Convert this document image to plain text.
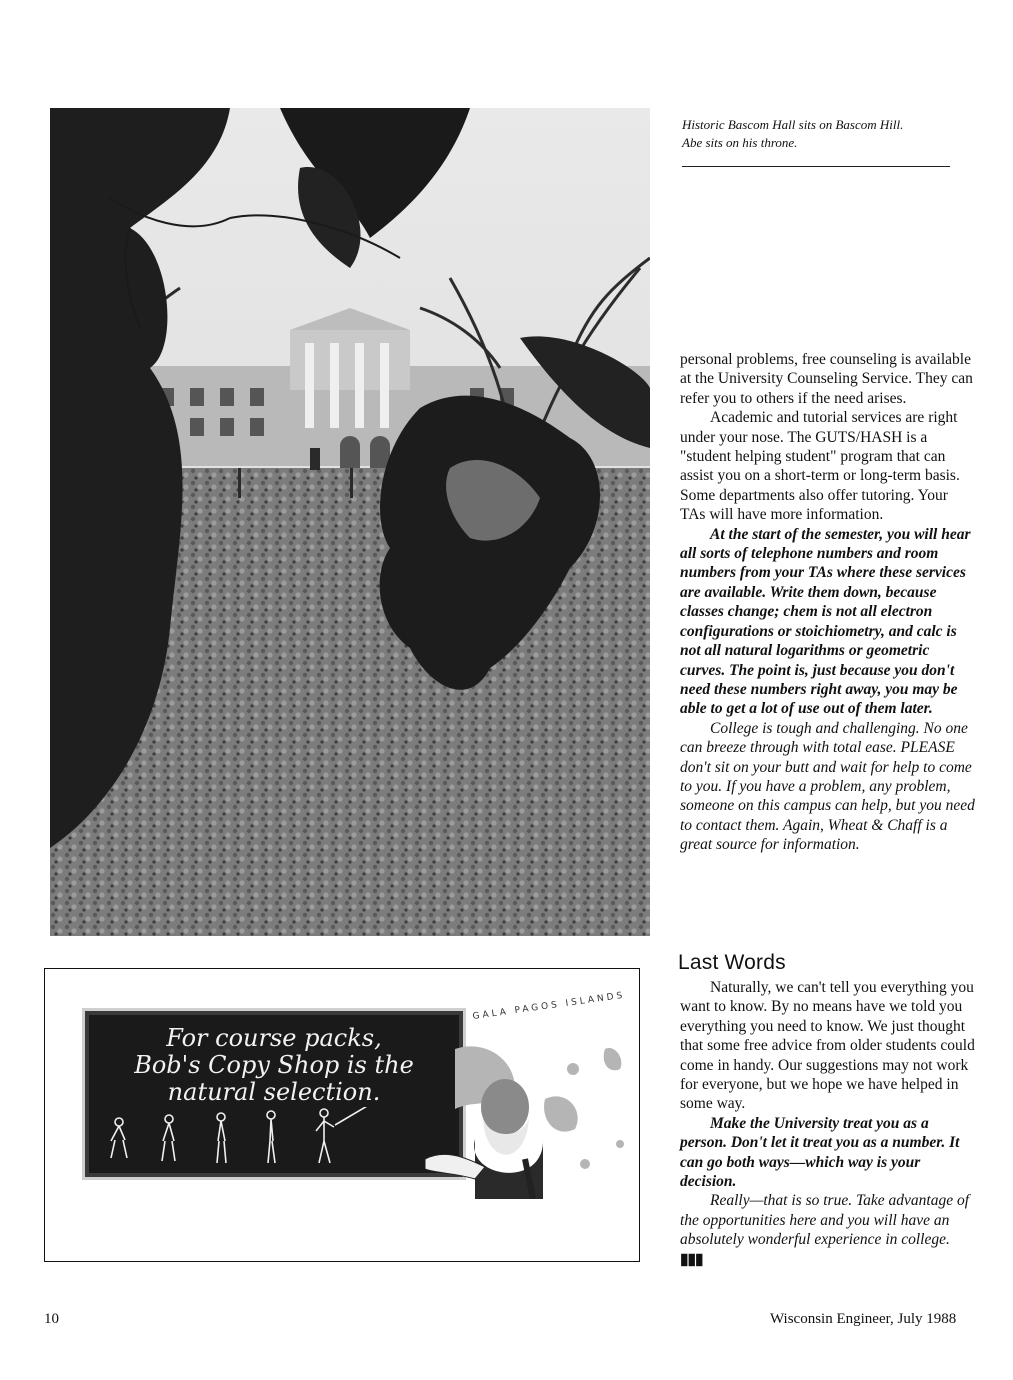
Historic Bascom Hall sits on Bascom Hill.
Abe sits on his throne.

personal problems, free counseling is available at the University Counseling Service. They can refer you to others if the need arises.

Academic and tutorial services are right under your nose. The GUTS/HASH is a "student helping student" program that can assist you on a short-term or long-term basis. Some departments also offer tutoring. Your TAs will have more information.

At the start of the semester, you will hear all sorts of telephone numbers and room numbers from your TAs where these services are available. Write them down, because classes change; chem is not all electron configurations or stoichiometry, and calc is not all natural logarithms or geometric curves. The point is, just because you don't need these numbers right away, you may be able to get a lot of use out of them later.

College is tough and challenging. No one can breeze through with total ease. PLEASE don't sit on your butt and wait for help to come to you. If you have a problem, any problem, someone on this campus can help, but you need to contact them. Again, Wheat & Chaff is a great source for information.

Last Words

Naturally, we can't tell you everything you want to know. By no means have we told you everything you need to know. We just thought that some free advice from older students could come in handy. Our suggestions may not work for everyone, but we hope we have helped in some way.

Make the University treat you as a person. Don't let it treat you as a number. It can go both ways—which way is your decision.

Really—that is so true. Take advantage of the opportunities here and you will have an absolutely wonderful experience in college. ▮▮▮

For course packs,
Bob's Copy Shop is the
natural selection.
GALA PAGOS ISLANDS
10	Wisconsin Engineer, July 1988
